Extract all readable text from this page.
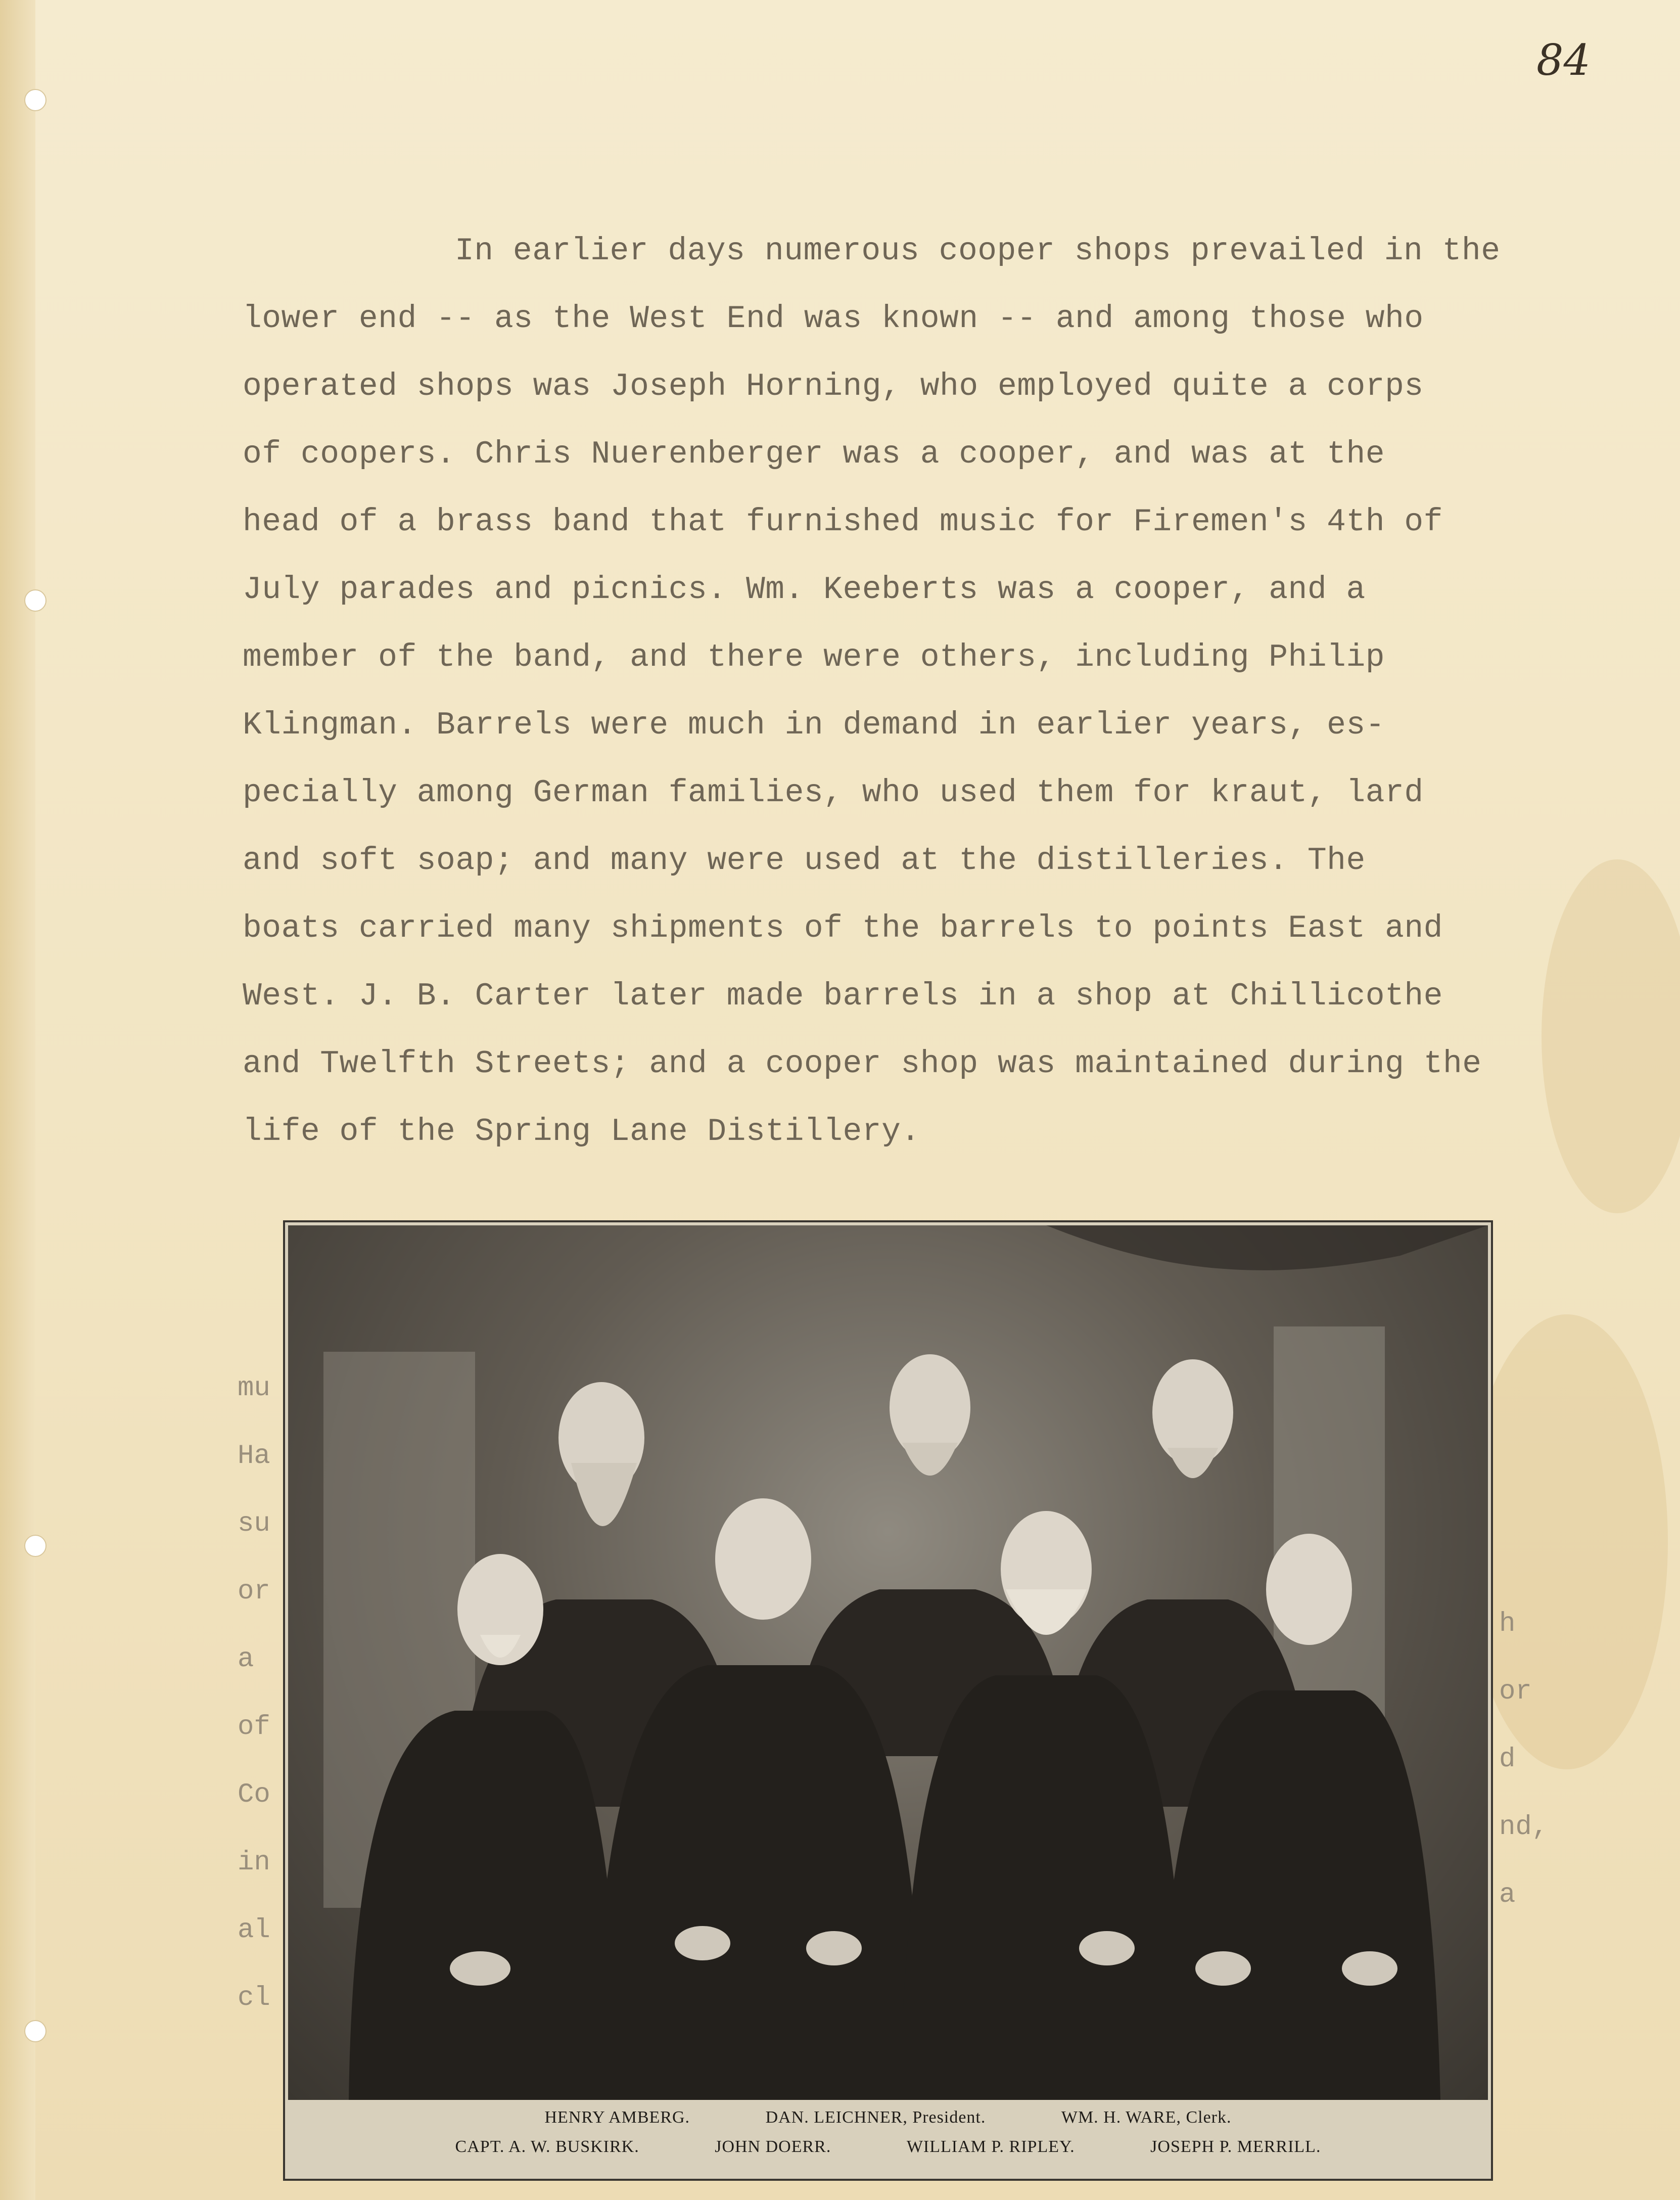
84
In earlier days numerous cooper shops prevailed in the
lower end -- as the West End was known -- and among those who
operated shops was Joseph Horning, who employed quite a corps
of coopers. Chris Nuerenberger was a cooper, and was at the
head of a brass band that furnished music for Firemen's 4th of
July parades and picnics. Wm. Keeberts was a cooper, and a
member of the band, and there were others, including Philip
Klingman. Barrels were much in demand in earlier years, es-
pecially among German families, who used them for kraut, lard
and soft soap; and many were used at the distilleries. The
boats carried many shipments of the barrels to points East and
West. J. B. Carter later made barrels in a shop at Chillicothe
and Twelfth Streets; and a cooper shop was maintained during the
life of the Spring Lane Distillery.
mu
Ha
su
or
a
of
Co
in
al
cl
h
or
d
nd,
a
HENRY AMBERG.	DAN. LEICHNER, President.	WM. H. WARE, Clerk.
CAPT. A. W. BUSKIRK.	JOHN DOERR.	WILLIAM P. RIPLEY.	JOSEPH P. MERRILL.
